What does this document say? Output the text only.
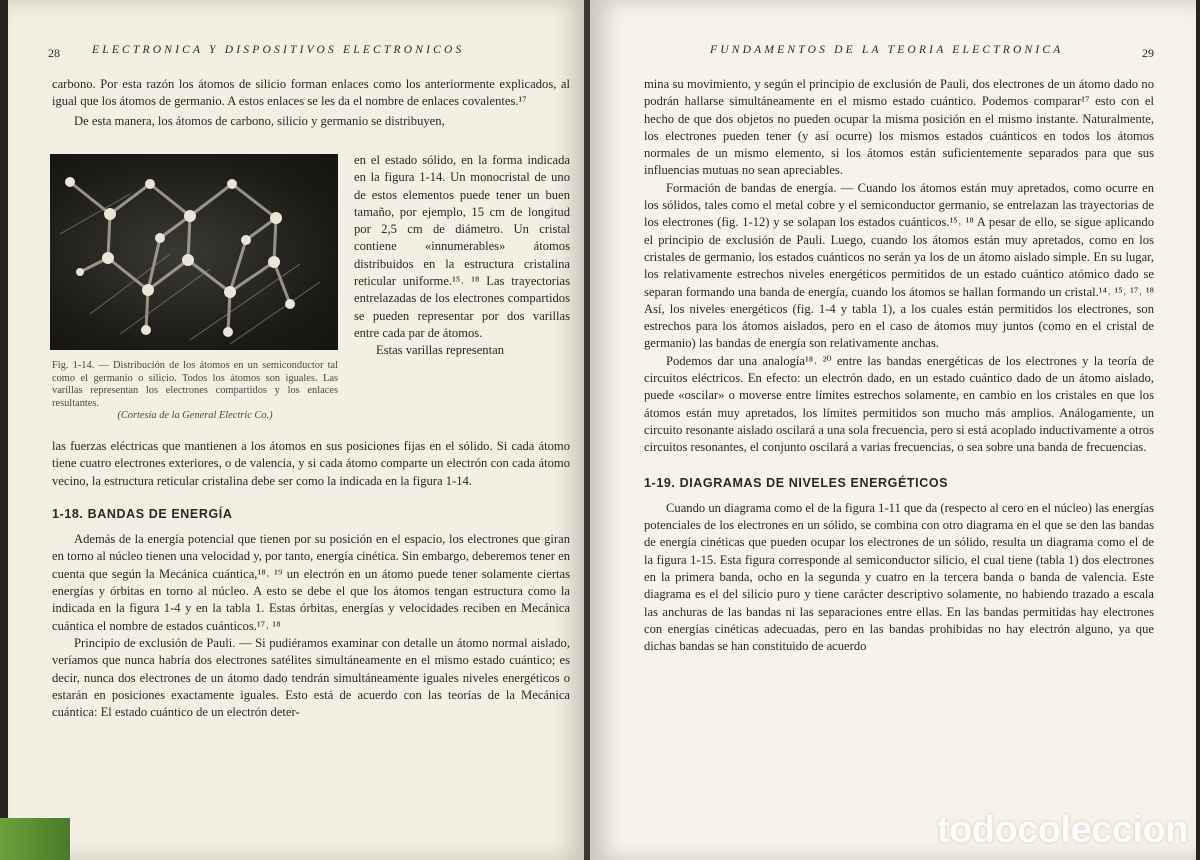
28	ELECTRONICA Y DISPOSITIVOS ELECTRONICOS

carbono. Por esta razón los átomos de silicio forman enlaces como los anteriormente explicados, al igual que los átomos de germanio. A estos enlaces se les da el nombre de enlaces covalentes.¹⁷

De esta manera, los átomos de carbono, silicio y germanio se distribuyen,

Fig. 1-14. — Distribución de los átomos en un semiconductor tal como el germanio o silicio. Todos los átomos son iguales. Las varillas representan los electrones compartidos y los enlaces resultantes.
(Cortesía de la General Electric Co.)

en el estado sólido, en la forma indicada en la figura 1-14. Un monocristal de uno de estos elementos puede tener un buen tamaño, por ejemplo, 15 cm de longitud por 2,5 cm de diámetro. Un cristal contiene «innumerables» átomos distribuidos en la estructura cristalina reticular uniforme.¹⁵˒ ¹⁸ Las trayectorias entrelazadas de los electrones compartidos se pueden representar por dos varillas entre cada par de átomos.

Estas varillas representan

las fuerzas eléctricas que mantienen a los átomos en sus posiciones fijas en el sólido. Si cada átomo tiene cuatro electrones exteriores, o de valencia, y si cada átomo comparte un electrón con cada átomo vecino, la estructura reticular cristalina debe ser como la indicada en la figura 1-14.

1-18. BANDAS DE ENERGÍA

Además de la energía potencial que tienen por su posición en el espacio, los electrones que giran en torno al núcleo tienen una velocidad y, por tanto, energía cinética. Sin embargo, deberemos tener en cuenta que según la Mecánica cuántica,¹⁸˒ ¹⁹ un electrón en un átomo puede tener solamente ciertas energías y órbitas en torno al núcleo. A esto se debe el que los átomos tengan estructura como la indicada en la figura 1-4 y en la tabla 1. Estas órbitas, energías y velocidades reciben en Mecánica cuántica el nombre de estados cuánticos.¹⁷˒ ¹⁸

Principio de exclusión de Pauli. — Si pudiéramos examinar con detalle un átomo normal aislado, veríamos que nunca habría dos electrones satélites simultáneamente en el mismo estado cuántico; es decir, nunca dos electrones de un átomo dado tendrán simultáneamente iguales niveles energéticos o estarán en posiciones exactamente iguales. Esto está de acuerdo con las teorías de la Mecánica cuántica: El estado cuántico de un electrón deter-

FUNDAMENTOS DE LA TEORIA ELECTRONICA	29

mina su movimiento, y según el principio de exclusión de Pauli, dos electrones de un átomo dado no podrán hallarse simultáneamente en el mismo estado cuántico. Podemos comparar¹⁷ esto con el hecho de que dos objetos no pueden ocupar la misma posición en el mismo instante. Naturalmente, los electrones pueden tener (y así ocurre) los mismos estados cuánticos en todos los átomos normales de un mismo elemento, si los átomos están suficientemente separados para que sus influencias mutuas no sean apreciables.

Formación de bandas de energía. — Cuando los átomos están muy apretados, como ocurre en los sólidos, tales como el metal cobre y el semiconductor germanio, se entrelazan las trayectorias de los electrones (fig. 1-12) y se solapan los estados cuánticos.¹⁵˒ ¹⁸ A pesar de ello, se sigue aplicando el principio de exclusión de Pauli. Luego, cuando los átomos están muy apretados, como en los cristales de germanio, los estados cuánticos no serán ya los de un átomo aislado simple. En su lugar, los relativamente estrechos niveles energéticos permitidos de un estado cuántico atómico dado se separan formando una banda de energía, cuando los átomos se hallan formando un cristal.¹⁴˒ ¹⁵˒ ¹⁷˒ ¹⁸ Así, los niveles energéticos (fig. 1-4 y tabla 1), a los cuales están permitidos los electrones, son estrechos para los átomos aislados, pero en el caso de átomos muy juntos (como en el cristal de germanio) las bandas de energía son relativamente anchas.

Podemos dar una analogía¹⁸˒ ²⁰ entre las bandas energéticas de los electrones y la teoría de circuitos eléctricos. En efecto: un electrón dado, en un estado cuántico dado de un átomo aislado, puede «oscilar» o moverse entre límites estrechos solamente, en cambio en los cristales en que los átomos están muy apretados, los límites permitidos son mucho más amplios. Análogamente, un circuito resonante aislado oscilará a una sola frecuencia, pero si está acoplado inductivamente a otros circuitos resonantes, el conjunto oscilará a varias frecuencias, o sea sobre una banda de frecuencias.

1-19. DIAGRAMAS DE NIVELES ENERGÉTICOS

Cuando un diagrama como el de la figura 1-11 que da (respecto al cero en el núcleo) las energías potenciales de los electrones en un sólido, se combina con otro diagrama en el que se den las bandas de energía cinéticas que pueden ocupar los electrones de un sólido, resulta un diagrama como el de la figura 1-15. Esta figura corresponde al semiconductor silicio, el cual tiene (tabla 1) dos electrones en la primera banda, ocho en la segunda y cuatro en la tercera banda o banda de valencia. Este diagrama es el del silicio puro y tiene carácter descriptivo solamente, no habiendo trazado a escala las anchuras de las bandas ni las separaciones entre ellas. En las bandas permitidas hay electrones con energías cinéticas adecuadas, pero en las bandas prohibidas no hay electrón alguno, ya que dichas bandas se han constituido de acuerdo

todocoleccion
